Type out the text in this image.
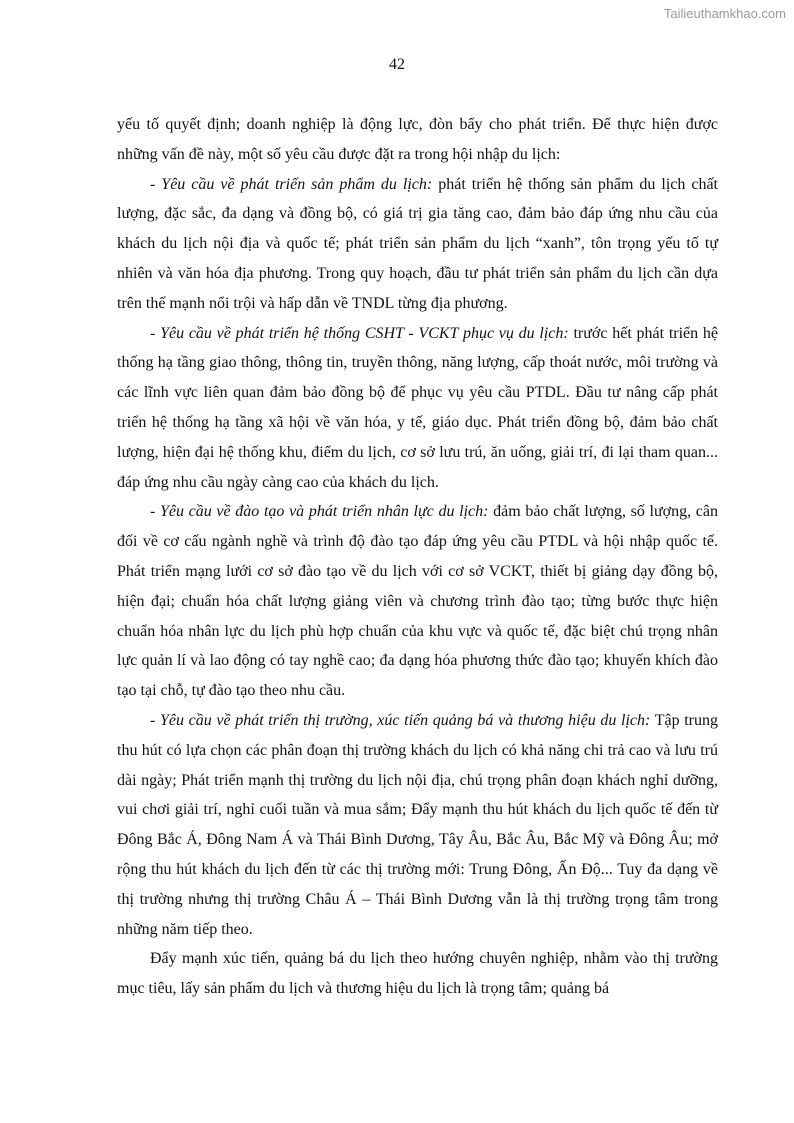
Tailieuthamkhao.com
42

yếu tố quyết định; doanh nghiệp là động lực, đòn bẩy cho phát triển. Để thực hiện được những vấn đề này, một số yêu cầu được đặt ra trong hội nhập du lịch:

- Yêu cầu về phát triển sản phẩm du lịch: phát triển hệ thống sản phẩm du lịch chất lượng, đặc sắc, đa dạng và đồng bộ, có giá trị gia tăng cao, đảm bảo đáp ứng nhu cầu của khách du lịch nội địa và quốc tế; phát triển sản phẩm du lịch “xanh”, tôn trọng yếu tố tự nhiên và văn hóa địa phương. Trong quy hoạch, đầu tư phát triển sản phẩm du lịch cần dựa trên thế mạnh nổi trội và hấp dẫn về TNDL từng địa phương.

- Yêu cầu về phát triển hệ thống CSHT - VCKT phục vụ du lịch: trước hết phát triển hệ thống hạ tầng giao thông, thông tin, truyền thông, năng lượng, cấp thoát nước, môi trường và các lĩnh vực liên quan đảm bảo đồng bộ để phục vụ yêu cầu PTDL. Đầu tư nâng cấp phát triển hệ thống hạ tầng xã hội về văn hóa, y tế, giáo dục. Phát triển đồng bộ, đảm bảo chất lượng, hiện đại hệ thống khu, điểm du lịch, cơ sở lưu trú, ăn uống, giải trí, đi lại tham quan... đáp ứng nhu cầu ngày càng cao của khách du lịch.

- Yêu cầu về đào tạo và phát triển nhân lực du lịch: đảm bảo chất lượng, số lượng, cân đối về cơ cấu ngành nghề và trình độ đào tạo đáp ứng yêu cầu PTDL và hội nhập quốc tế. Phát triển mạng lưới cơ sở đào tạo về du lịch với cơ sở VCKT, thiết bị giảng dạy đồng bộ, hiện đại; chuẩn hóa chất lượng giảng viên và chương trình đào tạo; từng bước thực hiện chuẩn hóa nhân lực du lịch phù hợp chuẩn của khu vực và quốc tế, đặc biệt chú trọng nhân lực quản lí và lao động có tay nghề cao; đa dạng hóa phương thức đào tạo; khuyến khích đào tạo tại chỗ, tự đào tạo theo nhu cầu.

- Yêu cầu về phát triển thị trường, xúc tiến quảng bá và thương hiệu du lịch: Tập trung thu hút có lựa chọn các phân đoạn thị trường khách du lịch có khả năng chi trả cao và lưu trú dài ngày; Phát triển mạnh thị trường du lịch nội địa, chú trọng phân đoạn khách nghỉ dưỡng, vui chơi giải trí, nghỉ cuối tuần và mua sắm; Đẩy mạnh thu hút khách du lịch quốc tế đến từ Đông Bắc Á, Đông Nam Á và Thái Bình Dương, Tây Âu, Bắc Âu, Bắc Mỹ và Đông Âu; mở rộng thu hút khách du lịch đến từ các thị trường mới: Trung Đông, Ấn Độ... Tuy đa dạng về thị trường nhưng thị trường Châu Á – Thái Bình Dương vẫn là thị trường trọng tâm trong những năm tiếp theo.

Đẩy mạnh xúc tiến, quảng bá du lịch theo hướng chuyên nghiệp, nhằm vào thị trường mục tiêu, lấy sản phẩm du lịch và thương hiệu du lịch là trọng tâm; quảng bá
